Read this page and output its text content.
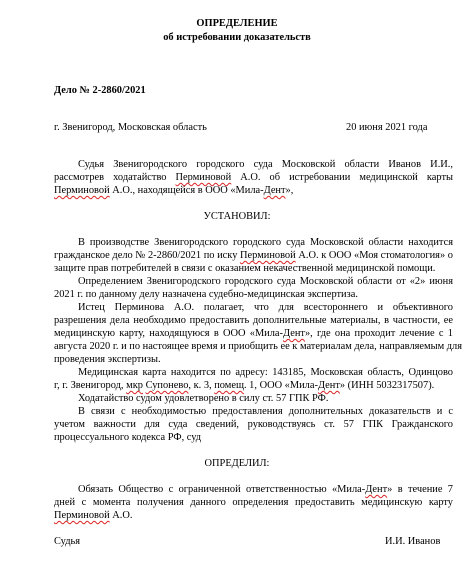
ОПРЕДЕЛЕНИЕ
об истребовании доказательств
Дело № 2-2860/2021
г. Звенигород, Московская область	20 июня 2021 года
Судья Звенигородского городского суда Московской области Иванов И.И.,
рассмотрев ходатайство Перминовой А.О. об истребовании медицинской карты
Перминовой А.О., находящейся в ООО «Мила-Дент»,
УСТАНОВИЛ:
В производстве Звенигородского городского суда Московской области находится
гражданское дело № 2-2860/2021 по иску Перминовой А.О. к ООО «Моя стоматология» о
защите прав потребителей в связи с оказанием некачественной медицинской помощи.
Определением Звенигородского городского суда Московской области от «2» июня
2021 г. по данному делу назначена судебно-медицинская экспертиза.
Истец Перминова А.О. полагает, что для всестороннего и объективного
разрешения дела необходимо предоставить дополнительные материалы, в частности, ее
медицинскую карту, находящуюся в ООО «Мила-Дент», где она проходит лечение с 1
августа 2020 г. и по настоящее время и приобщить ее к материалам дела, направляемым для
проведения экспертизы.
Медицинская карта находится по адресу: 143185, Московская область, Одинцово
г, г. Звенигород, мкр Супонево, к. 3, помещ. 1, ООО «Мила-Дент» (ИНН 5032317507).
Ходатайство судом удовлетворено в силу ст. 57 ГПК РФ.
В связи с необходимостью предоставления дополнительных доказательств и с
учетом важности для суда сведений, руководствуясь ст. 57 ГПК Гражданского
процессуального кодекса РФ, суд
ОПРЕДЕЛИЛ:
Обязать Общество с ограниченной ответственностью «Мила-Дент» в течение 7
дней с момента получения данного определения предоставить медицинскую карту
Перминовой А.О.
Судья	И.И. Иванов
